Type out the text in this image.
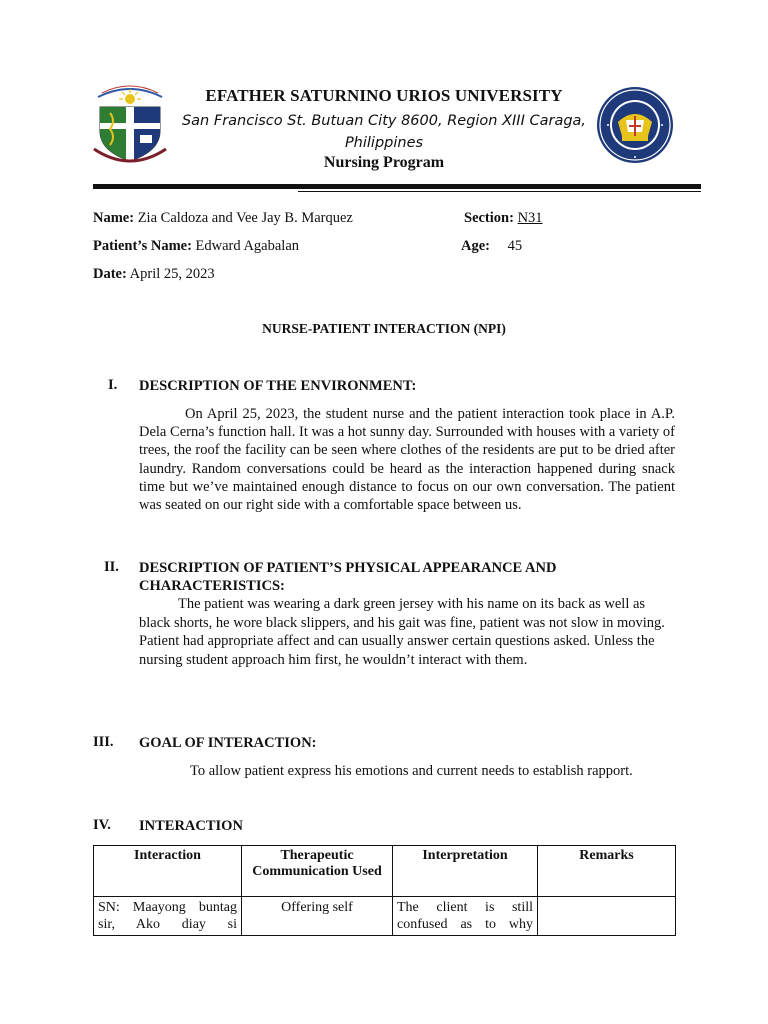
EFATHER SATURNINO URIOS UNIVERSITY
San Francisco St. Butuan City 8600, Region XIII Caraga,
Philippines
Nursing Program
Name: Zia Caldoza and Vee Jay B. Marquez	Section: N31
Patient’s Name: Edward Agabalan	Age: 45
Date: April 25, 2023
NURSE-PATIENT INTERACTION (NPI)
I. DESCRIPTION OF THE ENVIRONMENT:
On April 25, 2023, the student nurse and the patient interaction took place in A.P. Dela Cerna’s function hall. It was a hot sunny day. Surrounded with houses with a variety of trees, the roof the facility can be seen where clothes of the residents are put to be dried after laundry. Random conversations could be heard as the interaction happened during snack time but we’ve maintained enough distance to focus on our own conversation. The patient was seated on our right side with a comfortable space between us.
II. DESCRIPTION OF PATIENT’S PHYSICAL APPEARANCE AND CHARACTERISTICS:
The patient was wearing a dark green jersey with his name on its back as well as black shorts, he wore black slippers, and his gait was fine, patient was not slow in moving. Patient had appropriate affect and can usually answer certain questions asked. Unless the nursing student approach him first, he wouldn’t interact with them.
III. GOAL OF INTERACTION:
To allow patient express his emotions and current needs to establish rapport.
IV. INTERACTION
Interaction	Therapeutic Communication Used	Interpretation	Remarks
SN: Maayong buntag sir, Ako diay si	Offering self	The client is still confused as to why	
